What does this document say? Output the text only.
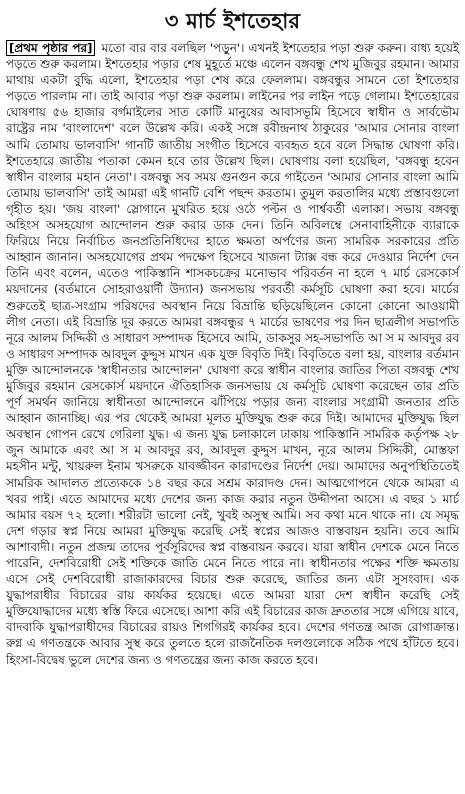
৩ মার্চ ইশতেহার
[প্রথম পৃষ্ঠার পর] মতো বার বার বলছিল 'পড়ুন'। এখনই ইশতেহার পড়া শুরু করুন। বাধ্য হয়েই পড়তে শুরু করলাম। ইশতেহার পড়ার শেষ মুহূর্তে মঞ্চে এলেন বঙ্গবন্ধু শেখ মুজিবুর রহমান। আমার মাথায় একটা বুদ্ধি এলো, ইশতেহার পড়া শেষ করে ফেললাম। বঙ্গবন্ধুর সামনে তো ইশতেহার পড়তে পারলাম না। তাই আবার পড়া শুরু করলাম। লাইনের পর লাইন পড়ে গেলাম। ইশতেহারের ঘোষণায় ৫৬ হাজার বর্গমাইলের সাত কোটি মানুষের আবাসভূমি হিসেবে স্বাধীন ও সার্বভৌম রাষ্ট্রের নাম 'বাংলাদেশ' বলে উল্লেখ করি। একই সঙ্গে রবীন্দ্রনাথ ঠাকুরের 'আমার সোনার বাংলা আমি তোমায় ভালবাসি' গানটি জাতীয় সংগীত হিসেবে ব্যবহৃত হবে বলে সিদ্ধান্ত ঘোষণা করি। ইশতেহারে জাতীয় পতাকা কেমন হবে তার উল্লেখ ছিল। ঘোষণায় বলা হয়েছিল, 'বঙ্গবন্ধু হবেন স্বাধীন বাংলার মহান নেতা'। বঙ্গবন্ধু সব সময় গুনগুন করে গাইতেন 'আমার সোনার বাংলা আমি তোমায় ভালবাসি' তাই আমরা এই গানটি বেশি পছন্দ করতাম। তুমুল করতালির মধ্যে প্রস্তাবগুলো গৃহীত হয়। 'জয় বাংলা' স্লোগানে মুখরিত হয়ে ওঠে পল্টন ও পার্শ্ববর্তী এলাকা। সভায় বঙ্গবন্ধু অহিংস অসহযোগ আন্দোলন শুরু করার ডাক দেন। তিনি অবিলম্বে সেনাবাহিনীকে ব্যারাকে ফিরিয়ে নিয়ে নির্বাচিত জনপ্রতিনিধিদের হাতে ক্ষমতা অর্পণের জন্য সামরিক সরকারের প্রতি আহ্বান জানান। অসহযোগের প্রথম পদক্ষেপ হিসেবে খাজনা ট্যাক্স বন্ধ করে দেওয়ার নির্দেশ দেন তিনি এবং বলেন, এতেও পাকিস্তানি শাসকচক্রের মনোভাব পরিবর্তন না হলে ৭ মার্চ রেসকোর্স ময়দানের (বর্তমানে সোহরাওয়ার্দী উদ্যান) জনসভায় পরবর্তী কর্মসূচি ঘোষণা করা হবে। মার্চের শুরুতেই ছাত্র-সংগ্রাম পরিষদের অবস্থান নিয়ে বিভ্রান্তি ছড়িয়েছিলেন কোনো কোনো আওয়ামী লীগ নেতা। এই বিভ্রান্তি দূর করতে আমরা বঙ্গবন্ধুর ৭ মার্চের ভাষণের পর দিন ছাত্রলীগ সভাপতি নূরে আলম সিদ্দিকী ও সাধারণ সম্পাদক হিসেবে আমি, ডাকসুর সহ-সভাপতি আ স ম আবদুর রব ও সাধারণ সম্পাদক আবদুল কুদ্দুস মাখন এক যুক্ত বিবৃতি দিই। বিবৃতিতে বলা হয়, বাংলার বর্তমান মুক্তি আন্দোলনকে 'স্বাধীনতার আন্দোলন' ঘোষণা করে স্বাধীন বাংলার জাতির পিতা বঙ্গবন্ধু শেখ মুজিবুর রহমান রেসকোর্স ময়দানে ঐতিহাসিক জনসভায় যে কর্মসূচি ঘোষণা করেছেন তার প্রতি পূর্ণ সমর্থন জানিয়ে স্বাধীনতা আন্দোলনে ঝাঁপিয়ে পড়ার জন্য বাংলার সংগ্রামী জনতার প্রতি আহ্বান জানাচ্ছি। এর পর থেকেই আমরা মূলত মুক্তিযুদ্ধ শুরু করে দিই। আমাদের মুক্তিযুদ্ধ ছিল অবস্থান গোপন রেখে গেরিলা যুদ্ধ। এ জন্য যুদ্ধ চলাকালে ঢাকায় পাকিস্তানি সামরিক কর্তৃপক্ষ ২৮ জুন আমাকে এবং আ স ম আবদুর রব, আবদুল কুদ্দুস মাখন, নূরে আলম সিদ্দিকী, মোস্তফা মহসীন মন্টু, খায়রুল ইনাম খসরুকে যাবজ্জীবন কারাদণ্ডের নির্দেশ দেয়। আমাদের অনুপস্থিতিতেই সামরিক আদালত প্রত্যেককে ১৪ বছর করে সশ্রম কারাদণ্ড দেন। আত্মগোপনে থেকে আমরা এ খবর পাই। এতে আমাদের মধ্যে দেশের জন্য কাজ করার নতুন উদ্দীপনা আসে। এ বছর ১ মার্চ আমার বয়স ৭২ হলো। শরীরটা ভালো নেই, খুবই অসুস্থ আমি। সব কথা মনে থাকে না। যে সমৃদ্ধ দেশ গড়ার স্বপ্ন নিয়ে আমরা মুক্তিযুদ্ধ করেছি সেই স্বপ্নের আজও বাস্তবায়ন হয়নি। তবে আমি আশাবাদী। নতুন প্রজন্ম তাদের পূর্বসূরিদের স্বপ্ন বাস্তবায়ন করবে। যারা স্বাধীন দেশকে মেনে নিতে পারেনি, দেশবিরোধী সেই শক্তিকে জাতি মেনে নিতে পারে না। স্বাধীনতার পক্ষের শক্তি ক্ষমতায় এসে সেই দেশবিরোধী রাজাকারদের বিচার শুরু করেছে, জাতির জন্য এটা সুসংবাদ। এক যুদ্ধাপরাধীর বিচারের রায় কার্যকর হয়েছে। এতে আমরা যারা দেশ স্বাধীন করেছি সেই মুক্তিযোদ্ধাদের মধ্যে স্বস্তি ফিরে এসেছে। আশা করি এই বিচারের কাজ দ্রুততার সঙ্গে এগিয়ে যাবে, বাদবাকি যুদ্ধাপরাধীদের বিচারের রায়ও শিগগিরই কার্যকর হবে। দেশের গণতন্ত্র আজ রোগাক্রান্ত। রুগ্ন এ গণতন্ত্রকে আবার সুস্থ করে তুলতে হলে রাজনৈতিক দলগুলোকে সঠিক পথে হাঁটতে হবে। হিংসা-বিদ্বেষ ভুলে দেশের জন্য ও গণতন্ত্রের জন্য কাজ করতে হবে।
